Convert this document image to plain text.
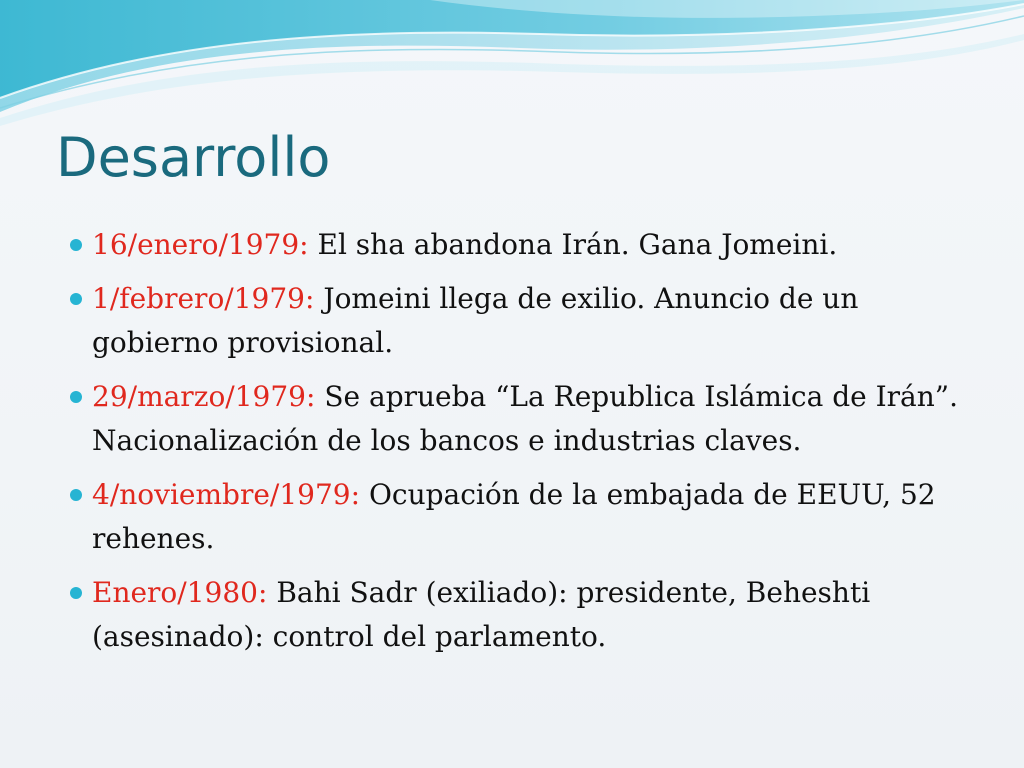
Desarrollo
16/enero/1979: El sha abandona Irán. Gana Jomeini.
1/febrero/1979: Jomeini llega de exilio. Anuncio de un gobierno provisional.
29/marzo/1979: Se aprueba “La Republica Islámica de Irán”. Nacionalización de los bancos e industrias claves.
4/noviembre/1979: Ocupación de la embajada de EEUU, 52 rehenes.
Enero/1980: Bahi Sadr (exiliado): presidente, Beheshti (asesinado): control del parlamento.
